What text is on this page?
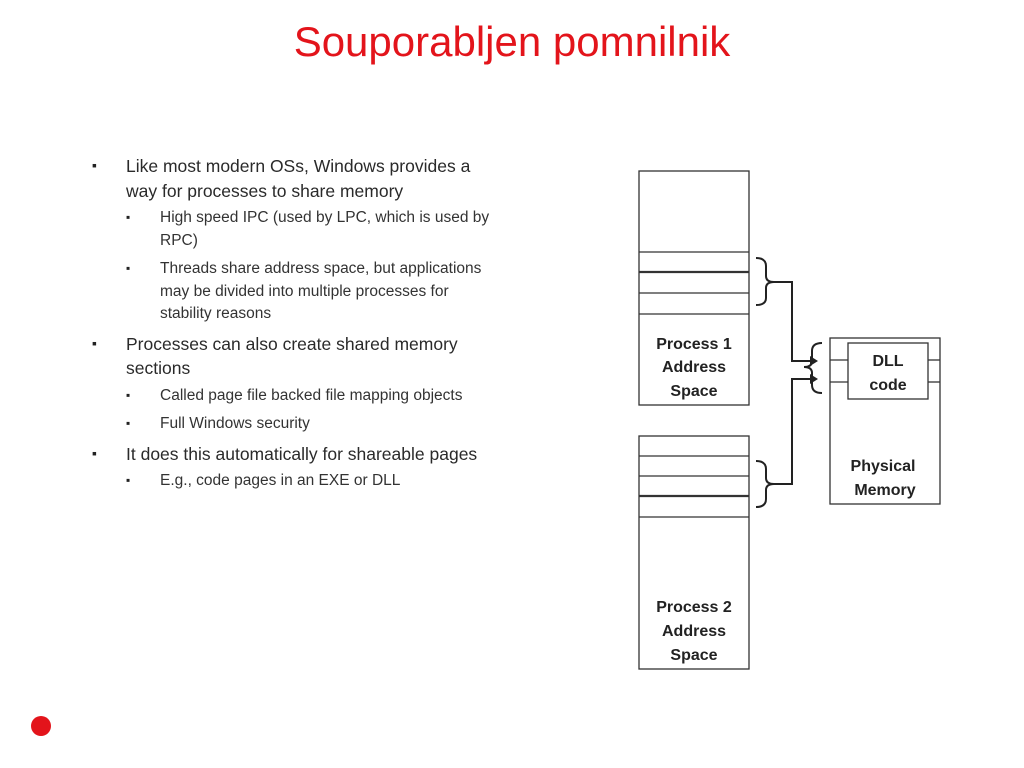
Souporabljen pomnilnik
▪ Like most modern OSs, Windows provides a way for processes to share memory
▪ High speed IPC (used by LPC, which is used by RPC)
▪ Threads share address space, but applications may be divided into multiple processes for stability reasons
▪ Processes can also create shared memory sections
▪ Called page file backed file mapping objects
▪ Full Windows security
▪ It does this automatically for shareable pages
▪ E.g., code pages in an EXE or DLL
Process 1
Address
Space
Process 2
Address
Space
DLL
code
Physical
Memory
